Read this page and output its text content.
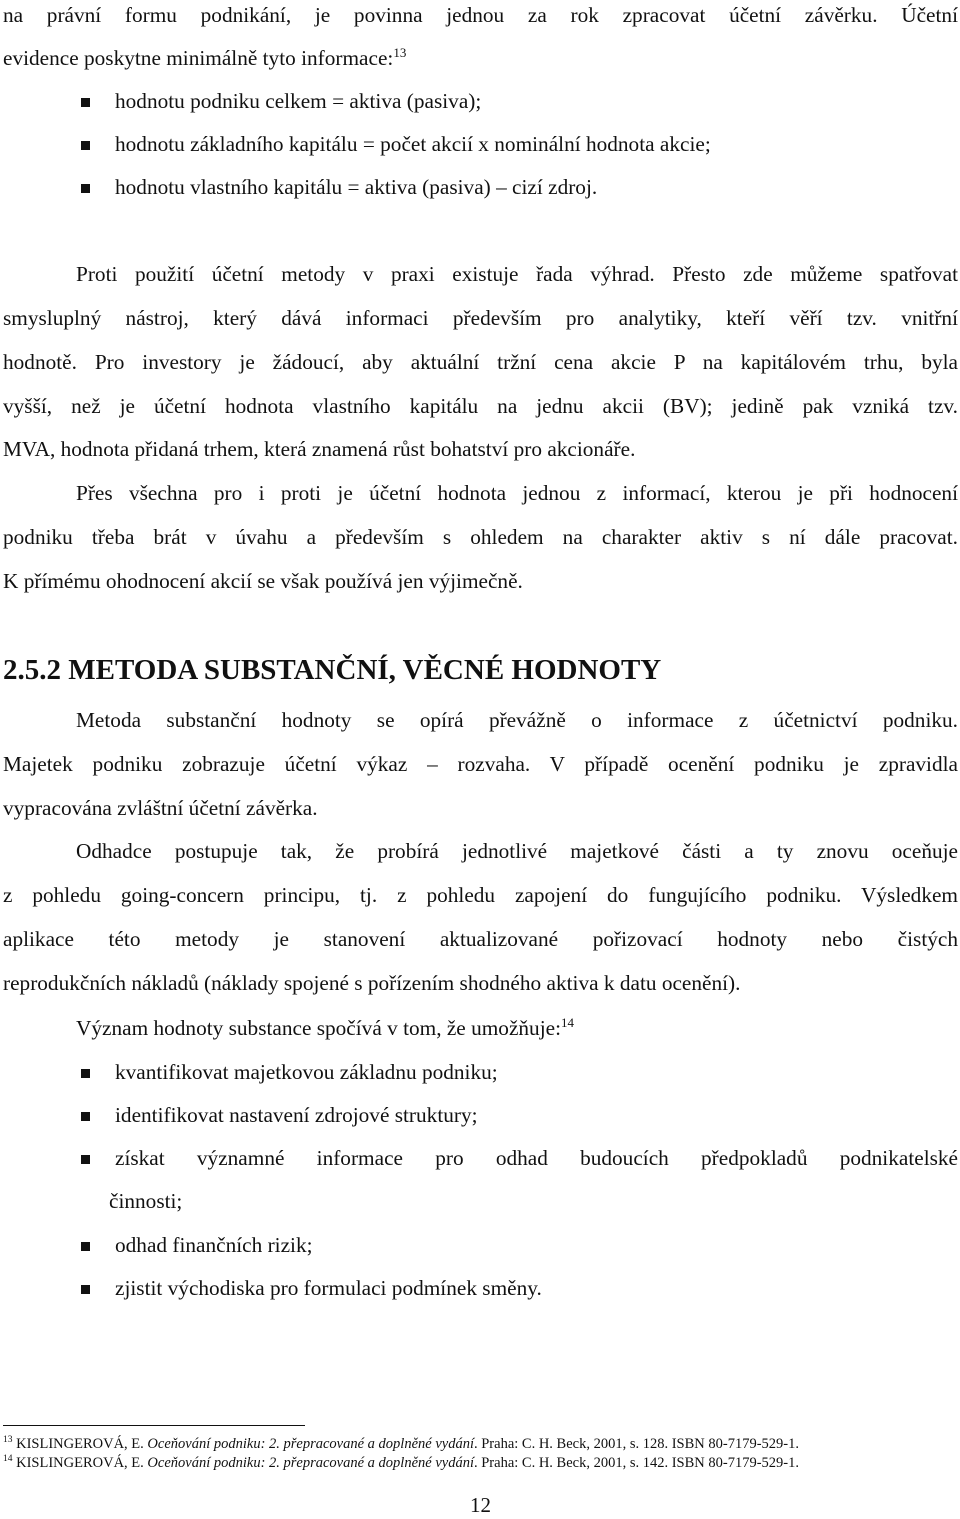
na právní formu podnikání, je povinna jednou za rok zpracovat účetní závěrku. Účetní
evidence poskytne minimálně tyto informace:$^{13}$
hodnotu podniku celkem = aktiva (pasiva);
hodnotu základního kapitálu = počet akcií x nominální hodnota akcie;
hodnotu vlastního kapitálu = aktiva (pasiva) – cizí zdroj.
Proti použití účetní metody v praxi existuje řada výhrad. Přesto zde můžeme spatřovat
smysluplný nástroj, který dává informaci především pro analytiky, kteří věří tzv. vnitřní
hodnotě. Pro investory je žádoucí, aby aktuální tržní cena akcie P na kapitálovém trhu, byla
vyšší, než je účetní hodnota vlastního kapitálu na jednu akcii (BV); jedině pak vzniká tzv.
MVA, hodnota přidaná trhem, která znamená růst bohatství pro akcionáře.
Přes všechna pro i proti je účetní hodnota jednou z informací, kterou je při hodnocení
podniku třeba brát v úvahu a především s ohledem na charakter aktiv s ní dále pracovat.
K přímému ohodnocení akcií se však používá jen výjimečně.
2.5.2 METODA SUBSTANČNÍ, VĚCNÉ HODNOTY
Metoda substanční hodnoty se opírá převážně o informace z účetnictví podniku.
Majetek podniku zobrazuje účetní výkaz – rozvaha. V případě ocenění podniku je zpravidla
vypracována zvláštní účetní závěrka.
Odhadce postupuje tak, že probírá jednotlivé majetkové části a ty znovu oceňuje
z pohledu going-concern principu, tj. z pohledu zapojení do fungujícího podniku. Výsledkem
aplikace této metody je stanovení aktualizované pořizovací hodnoty nebo čistých
reprodukčních nákladů (náklady spojené s pořízením shodného aktiva k datu ocenění).
Význam hodnoty substance spočívá v tom, že umožňuje:$^{14}$
kvantifikovat majetkovou základnu podniku;
identifikovat nastavení zdrojové struktury;
získat významné informace pro odhad budoucích předpokladů podnikatelské
činnosti;
odhad finančních rizik;
zjistit východiska pro formulaci podmínek směny.
$^{13}$ KISLINGEROVÁ, E. Oceňování podniku: 2. přepracované a doplněné vydání. Praha: C. H. Beck, 2001, s. 128. ISBN 80-7179-529-1.
$^{14}$ KISLINGEROVÁ, E. Oceňování podniku: 2. přepracované a doplněné vydání. Praha: C. H. Beck, 2001, s. 142. ISBN 80-7179-529-1.
12
